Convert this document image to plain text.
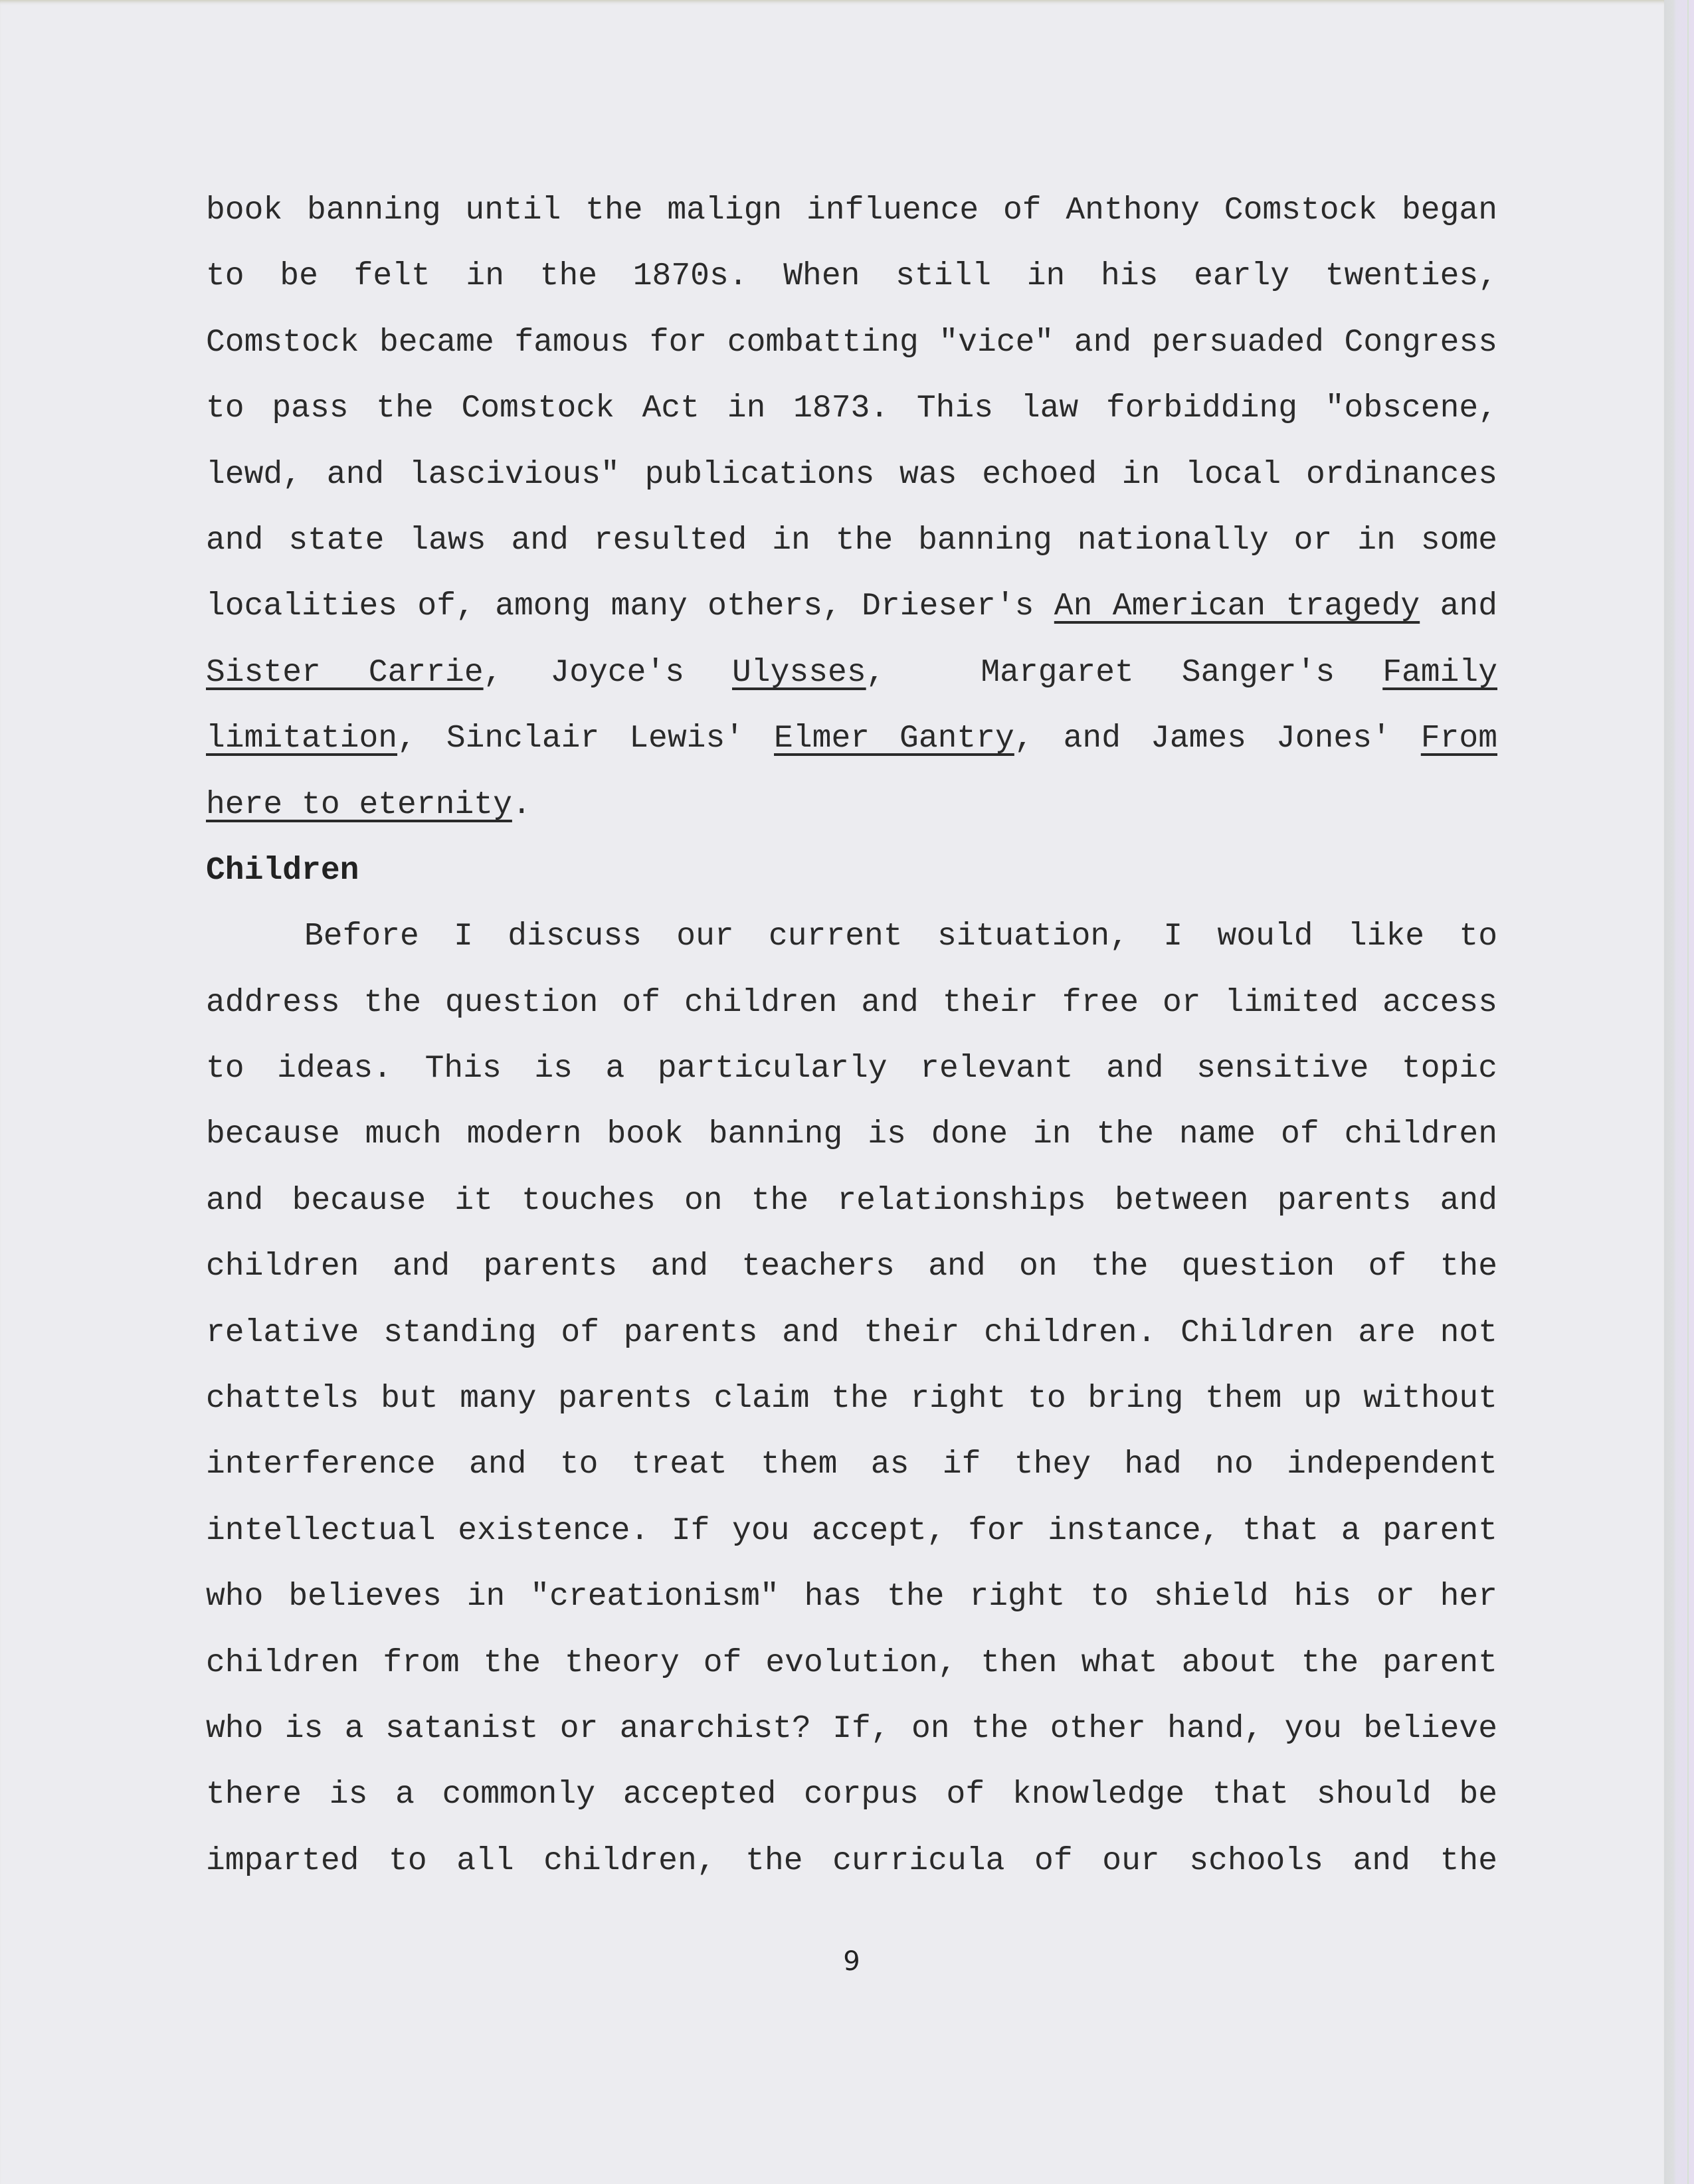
book banning until the malign influence of Anthony Comstock began
to be felt in the 1870s. When still in his early twenties,
Comstock became famous for combatting "vice" and persuaded Congress
to pass the Comstock Act in 1873. This law forbidding "obscene,
lewd, and lascivious" publications was echoed in local ordinances
and state laws and resulted in the banning nationally or in some
localities of, among many others, Drieser's An American tragedy and
Sister Carrie, Joyce's Ulysses,  Margaret Sanger's Family
limitation, Sinclair Lewis' Elmer Gantry, and James Jones' From
here to eternity.
Children
Before I discuss our current situation, I would like to
address the question of children and their free or limited access
to ideas. This is a particularly relevant and sensitive topic
because much modern book banning is done in the name of children
and because it touches on the relationships between parents and
children and parents and teachers and on the question of the
relative standing of parents and their children. Children are not
chattels but many parents claim the right to bring them up without
interference and to treat them as if they had no independent
intellectual existence. If you accept, for instance, that a parent
who believes in "creationism" has the right to shield his or her
children from the theory of evolution, then what about the parent
who is a satanist or anarchist? If, on the other hand, you believe
there is a commonly accepted corpus of knowledge that should be
imparted to all children, the curricula of our schools and the
9
